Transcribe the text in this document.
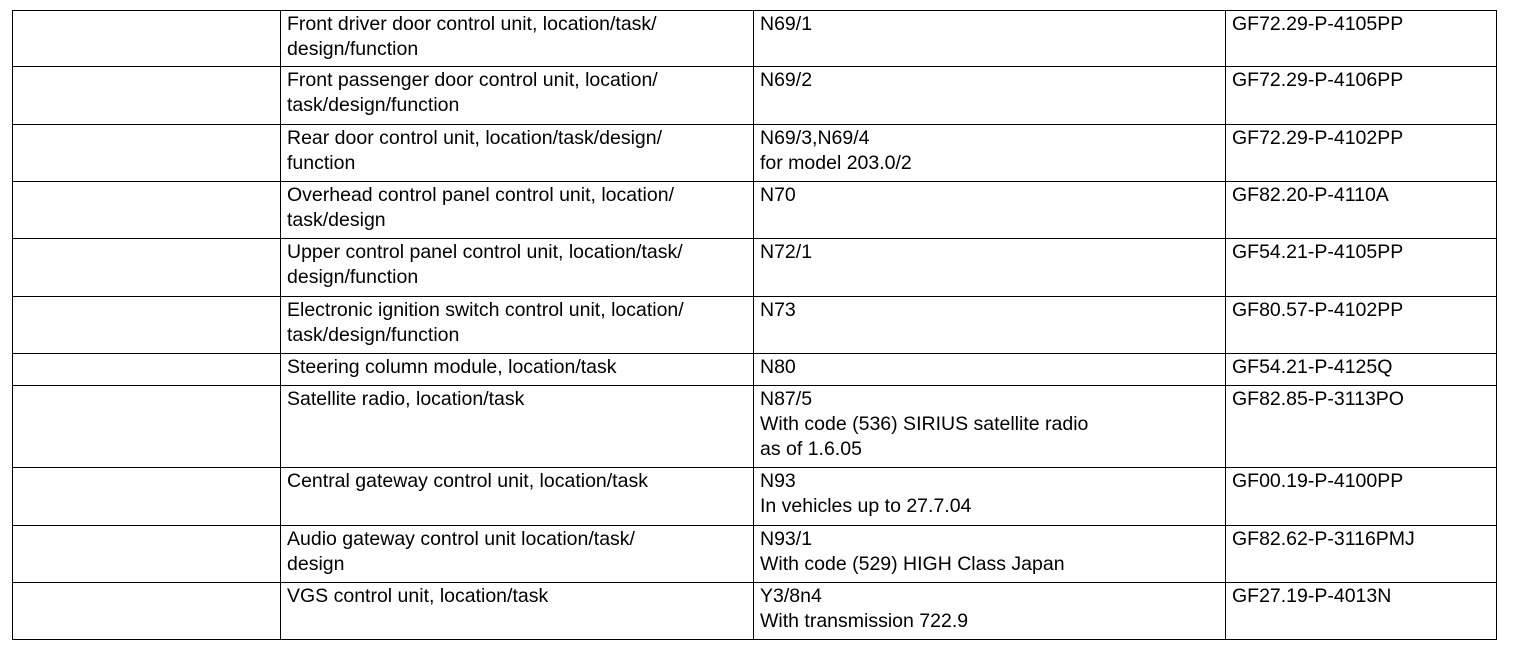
	Front driver door control unit, location/task/
design/function	N69/1	GF72.29-P-4105PP

	Front passenger door control unit, location/
task/design/function	N69/2	GF72.29-P-4106PP

	Rear door control unit, location/task/design/
function	N69/3,N69/4
for model 203.0/2	GF72.29-P-4102PP

	Overhead control panel control unit, location/
task/design	N70	GF82.20-P-4110A

	Upper control panel control unit, location/task/
design/function	N72/1	GF54.21-P-4105PP

	Electronic ignition switch control unit, location/
task/design/function	N73	GF80.57-P-4102PP

	Steering column module, location/task	N80	GF54.21-P-4125Q

	Satellite radio, location/task	N87/5
With code (536) SIRIUS satellite radio
as of 1.6.05	GF82.85-P-3113PO

	Central gateway control unit, location/task	N93
In vehicles up to 27.7.04	GF00.19-P-4100PP

	Audio gateway control unit location/task/
design	N93/1
With code (529) HIGH Class Japan	GF82.62-P-3116PMJ

	VGS control unit, location/task	Y3/8n4
With transmission 722.9	GF27.19-P-4013N
